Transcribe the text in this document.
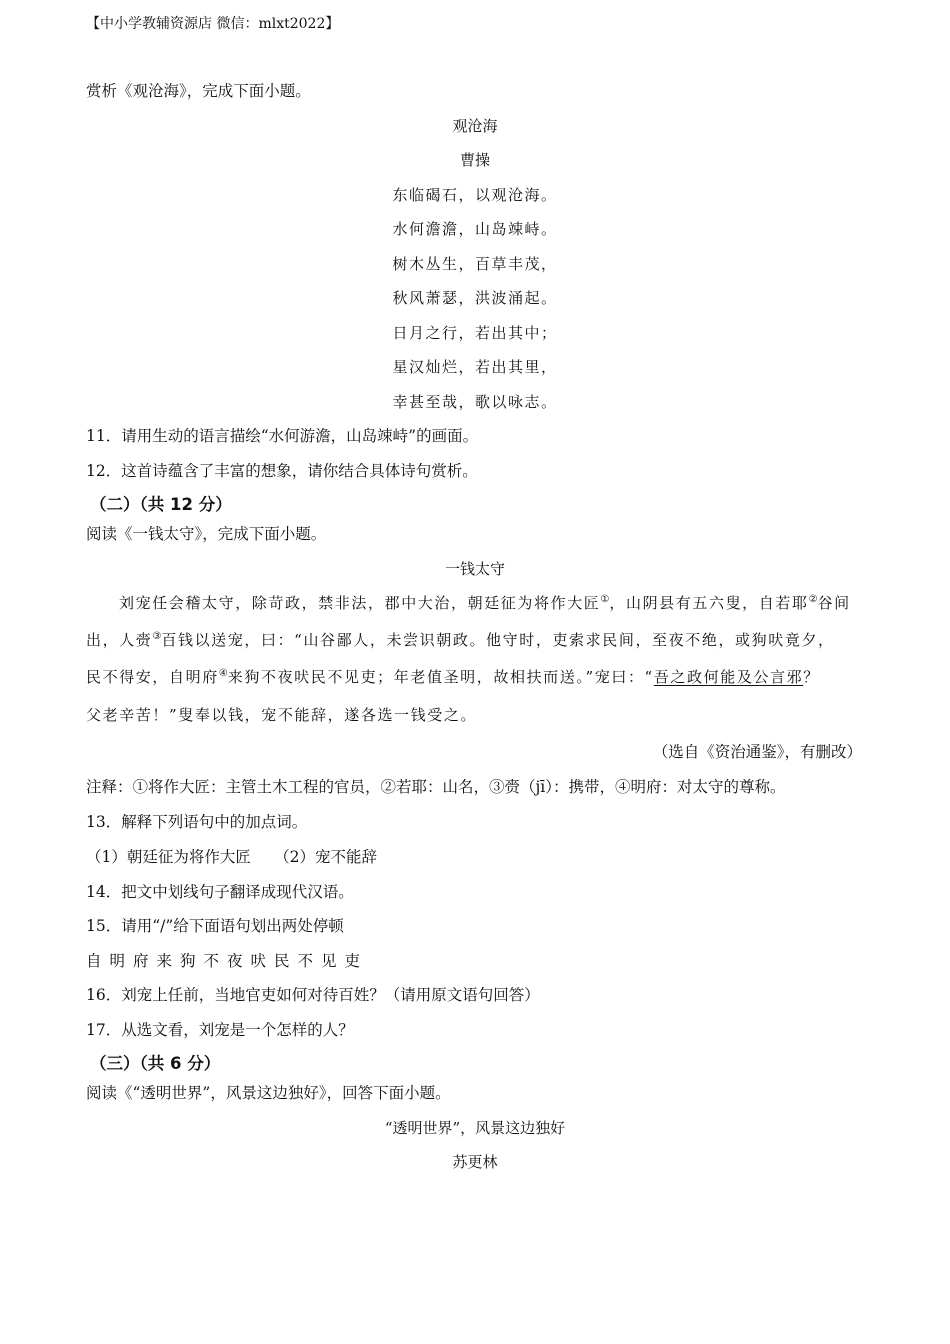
【中小学教辅资源店 微信：mlxt2022】
赏析《观沧海》，完成下面小题。
观沧海
曹操
东临碣石，以观沧海。
水何澹澹，山岛竦峙。
树木丛生，百草丰茂，
秋风萧瑟，洪波涌起。
日月之行，若出其中；
星汉灿烂，若出其里，
幸甚至哉，歌以咏志。
11．请用生动的语言描绘“水何游澹，山岛竦峙”的画面。
12．这首诗蕴含了丰富的想象，请你结合具体诗句赏析。
（二）（共 12 分）
阅读《一钱太守》，完成下面小题。
一钱太守
刘宠任会稽太守，除苛政，禁非法，郡中大治，朝廷征为将作大匠①，山阴县有五六叟，自若耶②谷间
出，人赍③百钱以送宠，曰：“山谷鄙人，未尝识朝政。他守时，吏索求民间，至夜不绝，或狗吠竟夕，
民不得安，自明府④来狗不夜吠民不见吏；年老值圣明，故相扶而送。”宠曰：“吾之政何能及公言邪？
父老辛苦！”叟奉以钱，宠不能辞，遂各选一钱受之。
（选自《资治通鉴》，有删改）
注释：①将作大匠：主管土木工程的官员，②若耶：山名，③赍（jī）：携带，④明府：对太守的尊称。
13．解释下列语句中的加点词。
（1）朝廷征为将作大匠　　（2）宠不能辞
14．把文中划线句子翻译成现代汉语。
15．请用“/”给下面语句划出两处停顿
自明府来狗不夜吠民不见吏
16．刘宠上任前，当地官吏如何对待百姓？（请用原文语句回答）
17．从选文看，刘宠是一个怎样的人？
（三）（共 6 分）
阅读《“透明世界”，风景这边独好》，回答下面小题。
“透明世界”，风景这边独好
苏更林
